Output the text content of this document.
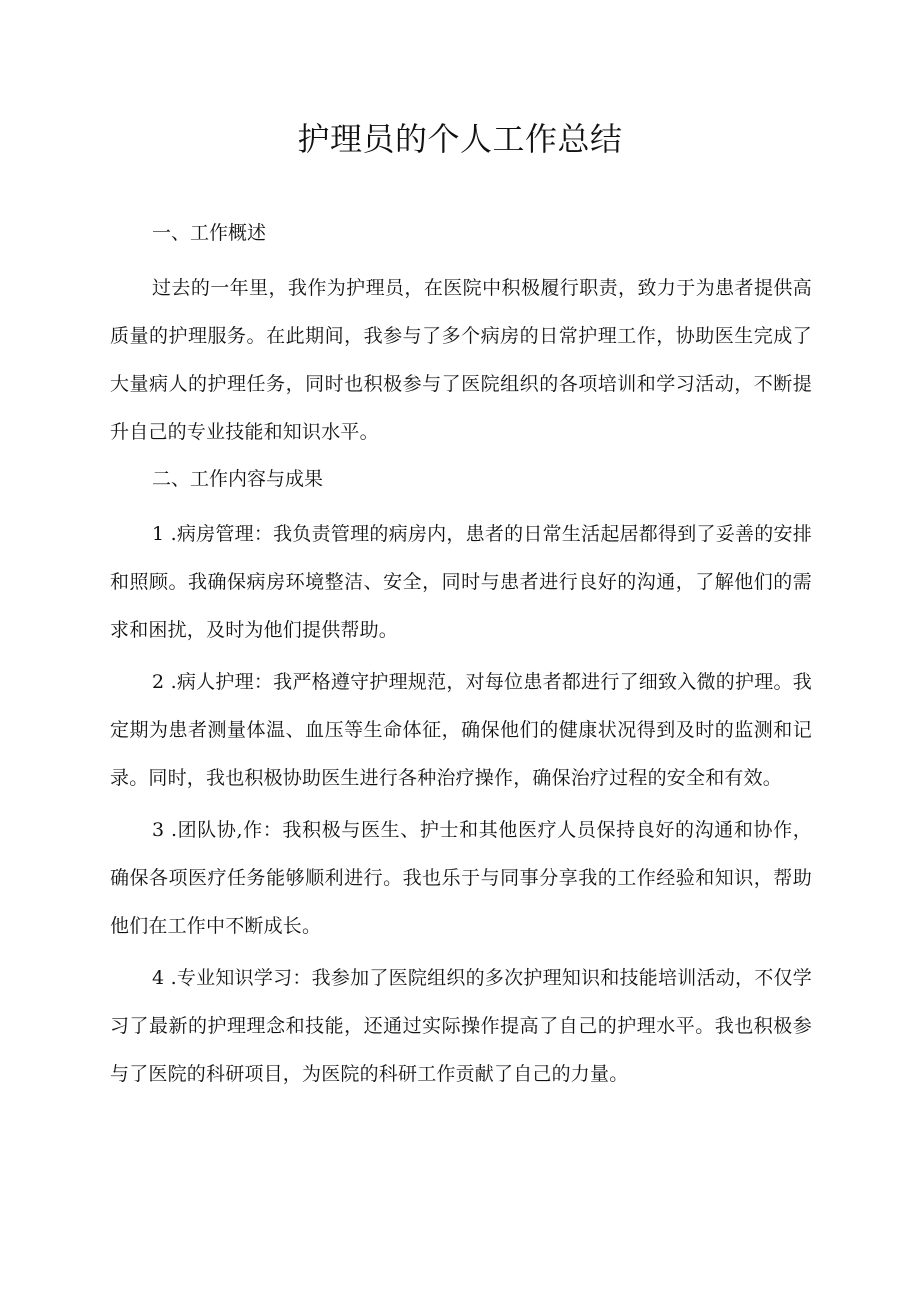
护理员的个人工作总结
一、工作概述

过去的一年里，我作为护理员，在医院中积极履行职责，致力于为患者提供高质量的护理服务。在此期间，我参与了多个病房的日常护理工作，协助医生完成了大量病人的护理任务，同时也积极参与了医院组织的各项培训和学习活动，不断提升自己的专业技能和知识水平。

二、工作内容与成果

1 .病房管理：我负责管理的病房内，患者的日常生活起居都得到了妥善的安排和照顾。我确保病房环境整洁、安全，同时与患者进行良好的沟通，了解他们的需求和困扰，及时为他们提供帮助。

2 .病人护理：我严格遵守护理规范，对每位患者都进行了细致入微的护理。我定期为患者测量体温、血压等生命体征，确保他们的健康状况得到及时的监测和记录。同时，我也积极协助医生进行各种治疗操作，确保治疗过程的安全和有效。

3 .团队协,作：我积极与医生、护士和其他医疗人员保持良好的沟通和协作，确保各项医疗任务能够顺利进行。我也乐于与同事分享我的工作经验和知识，帮助他们在工作中不断成长。

4 .专业知识学习：我参加了医院组织的多次护理知识和技能培训活动，不仅学习了最新的护理理念和技能，还通过实际操作提高了自己的护理水平。我也积极参与了医院的科研项目，为医院的科研工作贡献了自己的力量。
